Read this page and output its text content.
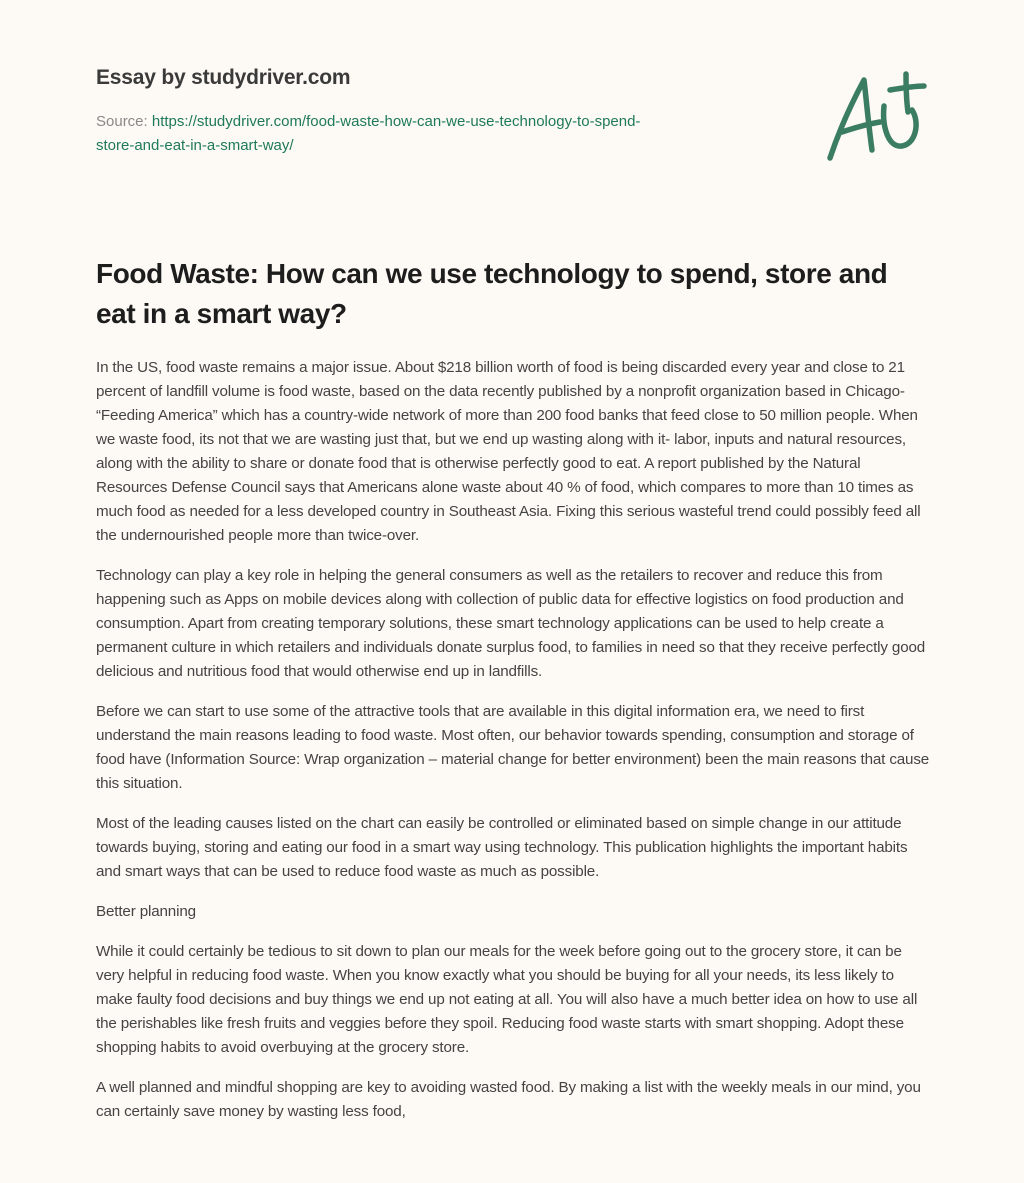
Essay by studydriver.com
Source: https://studydriver.com/food-waste-how-can-we-use-technology-to-spend-
store-and-eat-in-a-smart-way/
Food Waste: How can we use technology to spend, store and eat in a smart way?

In the US, food waste remains a major issue. About $218 billion worth of food is being discarded every year and close to 21 percent of landfill volume is food waste, based on the data recently published by a nonprofit organization based in Chicago- “Feeding America” which has a country-wide network of more than 200 food banks that feed close to 50 million people. When we waste food, its not that we are wasting just that, but we end up wasting along with it- labor, inputs and natural resources, along with the ability to share or donate food that is otherwise perfectly good to eat. A report published by the Natural Resources Defense Council says that Americans alone waste about 40 % of food, which compares to more than 10 times as much food as needed for a less developed country in Southeast Asia. Fixing this serious wasteful trend could possibly feed all the undernourished people more than twice-over.

Technology can play a key role in helping the general consumers as well as the retailers to recover and reduce this from happening such as Apps on mobile devices along with collection of public data for effective logistics on food production and consumption. Apart from creating temporary solutions, these smart technology applications can be used to help create a permanent culture in which retailers and individuals donate surplus food, to families in need so that they receive perfectly good delicious and nutritious food that would otherwise end up in landfills.

Before we can start to use some of the attractive tools that are available in this digital information era, we need to first understand the main reasons leading to food waste. Most often, our behavior towards spending, consumption and storage of food have (Information Source: Wrap organization – material change for better environment) been the main reasons that cause this situation.

Most of the leading causes listed on the chart can easily be controlled or eliminated based on simple change in our attitude towards buying, storing and eating our food in a smart way using technology. This publication highlights the important habits and smart ways that can be used to reduce food waste as much as possible.

Better planning

While it could certainly be tedious to sit down to plan our meals for the week before going out to the grocery store, it can be very helpful in reducing food waste. When you know exactly what you should be buying for all your needs, its less likely to make faulty food decisions and buy things we end up not eating at all. You will also have a much better idea on how to use all the perishables like fresh fruits and veggies before they spoil. Reducing food waste starts with smart shopping. Adopt these shopping habits to avoid overbuying at the grocery store.

A well planned and mindful shopping are key to avoiding wasted food. By making a list with the weekly meals in our mind, you can certainly save money by wasting less food,
